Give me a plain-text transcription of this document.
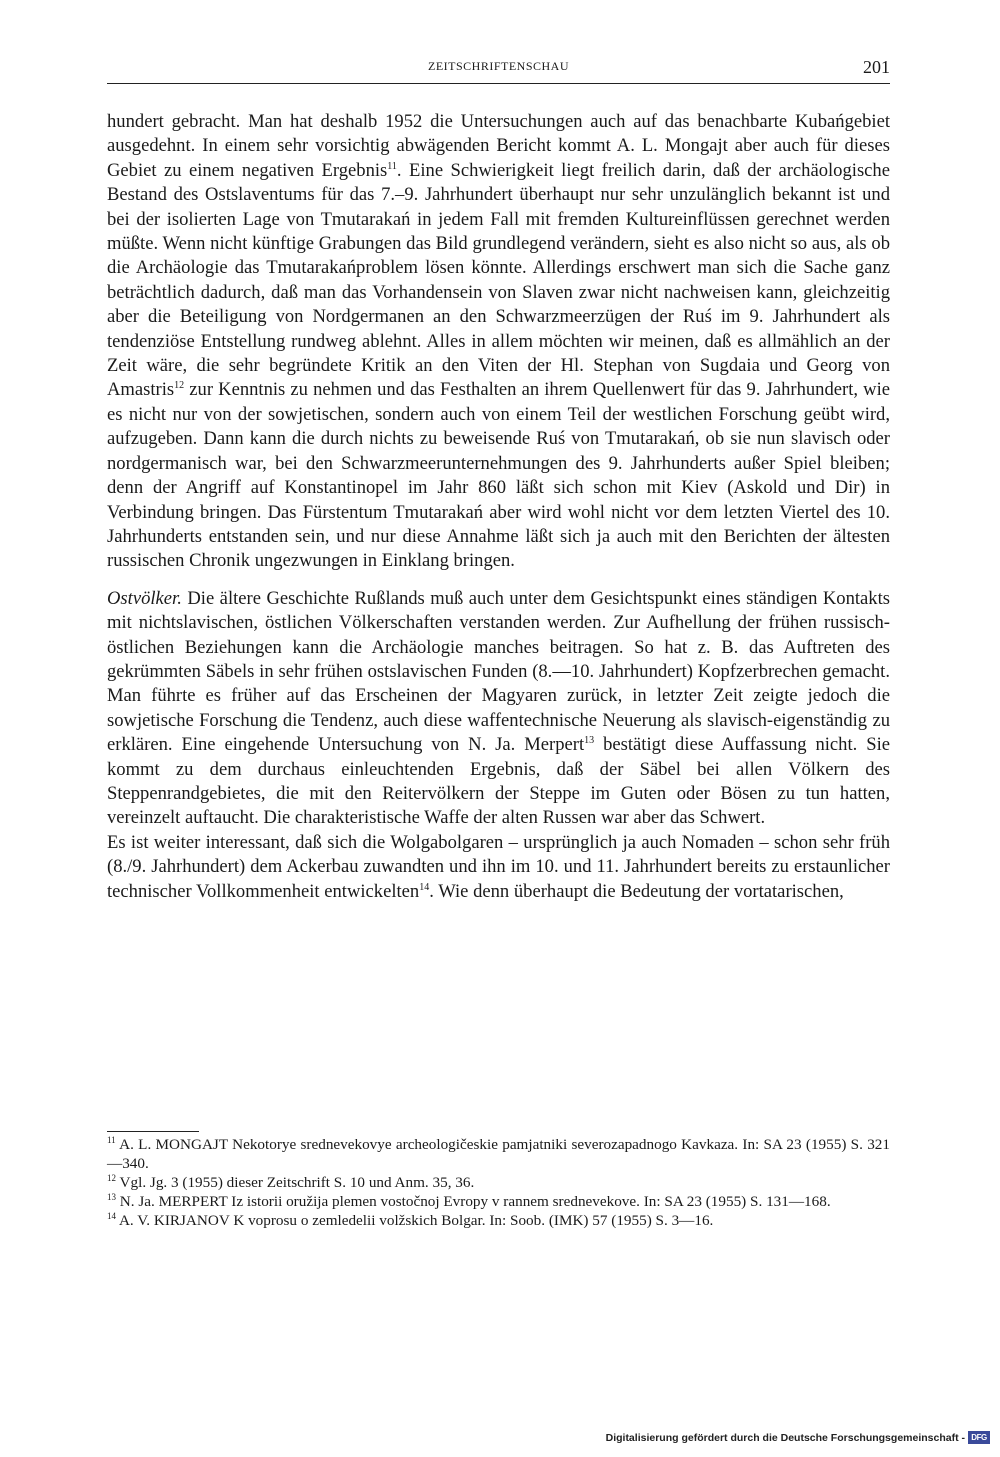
ZEITSCHRIFTENSCHAU	201

hundert gebracht. Man hat deshalb 1952 die Untersuchungen auch auf das benachbarte Kubańgebiet ausgedehnt. In einem sehr vorsichtig abwägenden Bericht kommt A. L. Mongajt aber auch für dieses Gebiet zu einem negativen Ergebnis$^{11}$. Eine Schwierigkeit liegt freilich darin, daß der archäologische Bestand des Ostslaventums für das 7.–9. Jahrhundert überhaupt nur sehr unzulänglich bekannt ist und bei der isolierten Lage von Tmutarakań in jedem Fall mit fremden Kultureinflüssen gerechnet werden müßte. Wenn nicht künftige Grabungen das Bild grundlegend verändern, sieht es also nicht so aus, als ob die Archäologie das Tmutarakańproblem lösen könnte. Allerdings erschwert man sich die Sache ganz beträchtlich dadurch, daß man das Vorhandensein von Slaven zwar nicht nachweisen kann, gleichzeitig aber die Beteiligung von Nordgermanen an den Schwarzmeerzügen der Ruś im 9. Jahrhundert als tendenziöse Entstellung rundweg ablehnt. Alles in allem möchten wir meinen, daß es allmählich an der Zeit wäre, die sehr begründete Kritik an den Viten der Hl. Stephan von Sugdaia und Georg von Amastris$^{12}$ zur Kenntnis zu nehmen und das Festhalten an ihrem Quellenwert für das 9. Jahrhundert, wie es nicht nur von der sowjetischen, sondern auch von einem Teil der westlichen Forschung geübt wird, aufzugeben. Dann kann die durch nichts zu beweisende Ruś von Tmutarakań, ob sie nun slavisch oder nordgermanisch war, bei den Schwarzmeerunternehmungen des 9. Jahrhunderts außer Spiel bleiben; denn der Angriff auf Konstantinopel im Jahr 860 läßt sich schon mit Kiev (Askold und Dir) in Verbindung bringen. Das Fürstentum Tmutarakań aber wird wohl nicht vor dem letzten Viertel des 10. Jahrhunderts entstanden sein, und nur diese Annahme läßt sich ja auch mit den Berichten der ältesten russischen Chronik ungezwungen in Einklang bringen.

Ostvölker. Die ältere Geschichte Rußlands muß auch unter dem Gesichtspunkt eines ständigen Kontakts mit nichtslavischen, östlichen Völkerschaften verstanden werden. Zur Aufhellung der frühen russisch-östlichen Beziehungen kann die Archäologie manches beitragen. So hat z. B. das Auftreten des gekrümmten Säbels in sehr frühen ostslavischen Funden (8.—10. Jahrhundert) Kopfzerbrechen gemacht. Man führte es früher auf das Erscheinen der Magyaren zurück, in letzter Zeit zeigte jedoch die sowjetische Forschung die Tendenz, auch diese waffentechnische Neuerung als slavisch-eigenständig zu erklären. Eine eingehende Untersuchung von N. Ja. Merpert$^{13}$ bestätigt diese Auffassung nicht. Sie kommt zu dem durchaus einleuchtenden Ergebnis, daß der Säbel bei allen Völkern des Steppenrandgebietes, die mit den Reitervölkern der Steppe im Guten oder Bösen zu tun hatten, vereinzelt auftaucht. Die charakteristische Waffe der alten Russen war aber das Schwert.

Es ist weiter interessant, daß sich die Wolgabolgaren – ursprünglich ja auch Nomaden – schon sehr früh (8./9. Jahrhundert) dem Ackerbau zuwandten und ihn im 10. und 11. Jahrhundert bereits zu erstaunlicher technischer Vollkommenheit entwickelten$^{14}$. Wie denn überhaupt die Bedeutung der vortatarischen,

$^{11}$ A. L. MONGAJT Nekotorye srednevekovye archeologičeskie pamjatniki severozapadnogo Kavkaza. In: SA 23 (1955) S. 321—340.

$^{12}$ Vgl. Jg. 3 (1955) dieser Zeitschrift S. 10 und Anm. 35, 36.

$^{13}$ N. Ja. MERPERT Iz istorii oružija plemen vostočnoj Evropy v rannem srednevekove. In: SA 23 (1955) S. 131—168.

$^{14}$ A. V. KIRJANOV K voprosu o zemledelii volžskich Bolgar. In: Soob. (IMK) 57 (1955) S. 3—16.

Digitalisierung gefördert durch die Deutsche Forschungsgemeinschaft - DFG
